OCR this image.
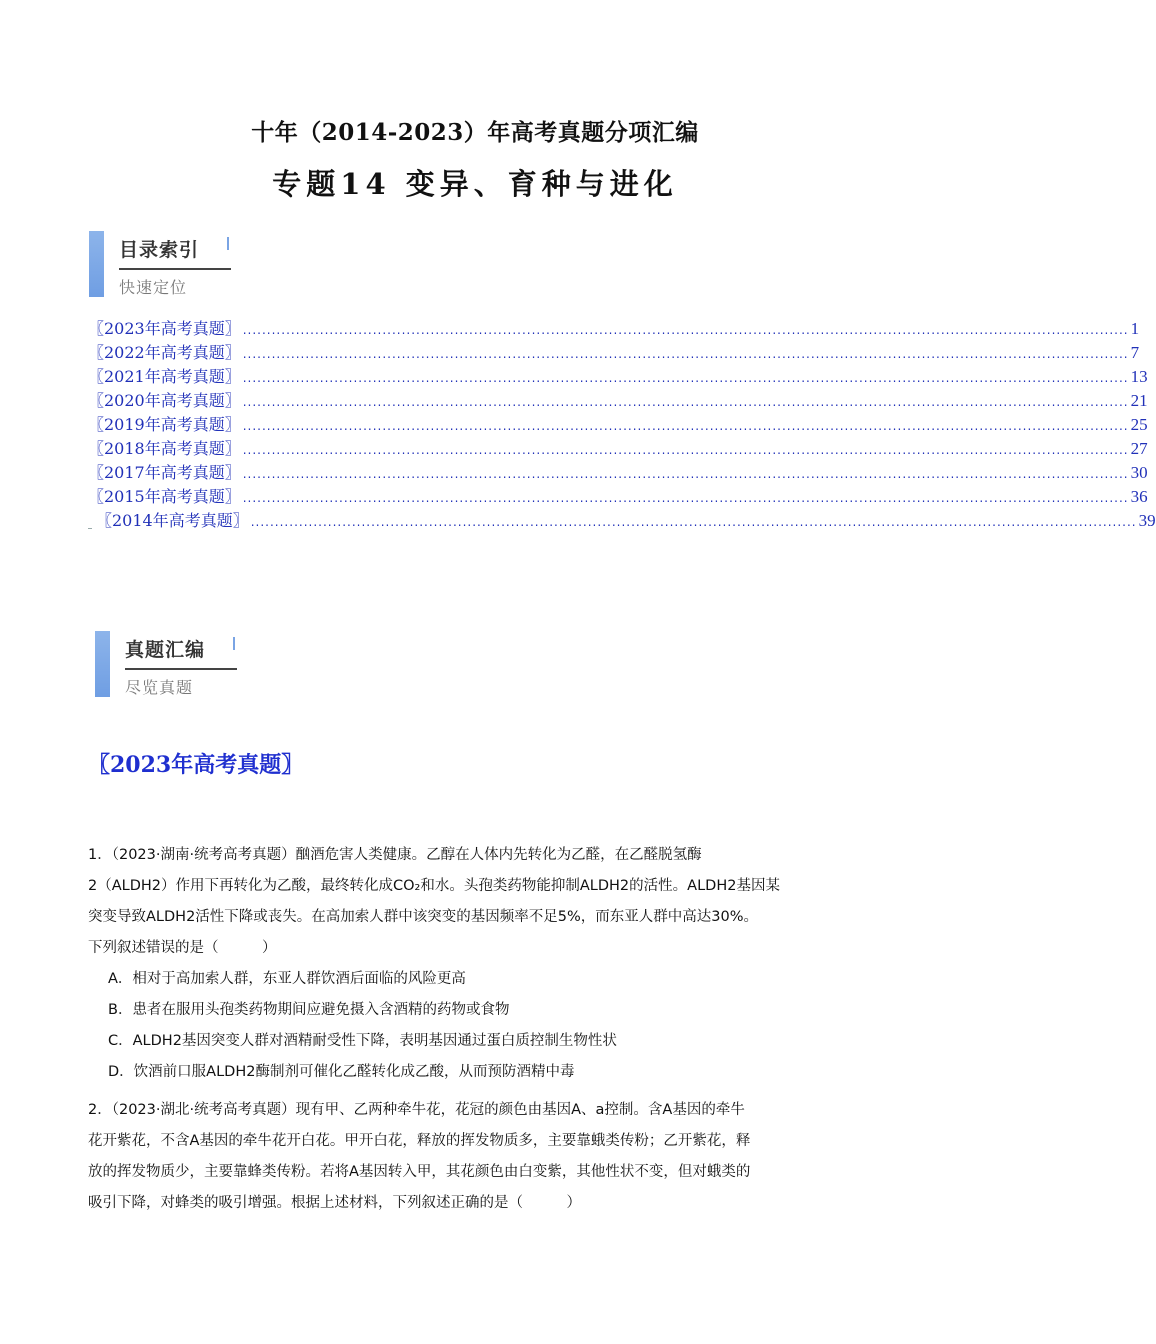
十年（2014-2023）年高考真题分项汇编
专题14 变异、育种与进化
目录索引
快速定位
〖2023年高考真题〗 ........................................................................................................................................................................................ 1
〖2022年高考真题〗 ........................................................................................................................................................................................ 7
〖2021年高考真题〗 ........................................................................................................................................................................................ 13
〖2020年高考真题〗 ........................................................................................................................................................................................ 21
〖2019年高考真题〗 ........................................................................................................................................................................................ 25
〖2018年高考真题〗 ........................................................................................................................................................................................ 27
〖2017年高考真题〗 ........................................................................................................................................................................................ 30
〖2015年高考真题〗 ........................................................................................................................................................................................ 36
〖2014年高考真题〗 ........................................................................................................................................................................................ 39
真题汇编
尽览真题
〖2023年高考真题〗
1．（2023·湖南·统考高考真题）酗酒危害人类健康。乙醇在人体内先转化为乙醛，在乙醛脱氢酶
2（ALDH2）作用下再转化为乙酸，最终转化成CO₂和水。头孢类药物能抑制ALDH2的活性。ALDH2基因某
突变导致ALDH2活性下降或丧失。在高加索人群中该突变的基因频率不足5%，而东亚人群中高达30%。
下列叙述错误的是（　　　）
A．相对于高加索人群，东亚人群饮酒后面临的风险更高
B．患者在服用头孢类药物期间应避免摄入含酒精的药物或食物
C．ALDH2基因突变人群对酒精耐受性下降，表明基因通过蛋白质控制生物性状
D．饮酒前口服ALDH2酶制剂可催化乙醛转化成乙酸，从而预防酒精中毒
2．（2023·湖北·统考高考真题）现有甲、乙两种牵牛花，花冠的颜色由基因A、a控制。含A基因的牵牛
花开紫花，不含A基因的牵牛花开白花。甲开白花，释放的挥发物质多，主要靠蛾类传粉；乙开紫花，释
放的挥发物质少，主要靠蜂类传粉。若将A基因转入甲，其花颜色由白变紫，其他性状不变，但对蛾类的
吸引下降，对蜂类的吸引增强。根据上述材料，下列叙述正确的是（　　　）
